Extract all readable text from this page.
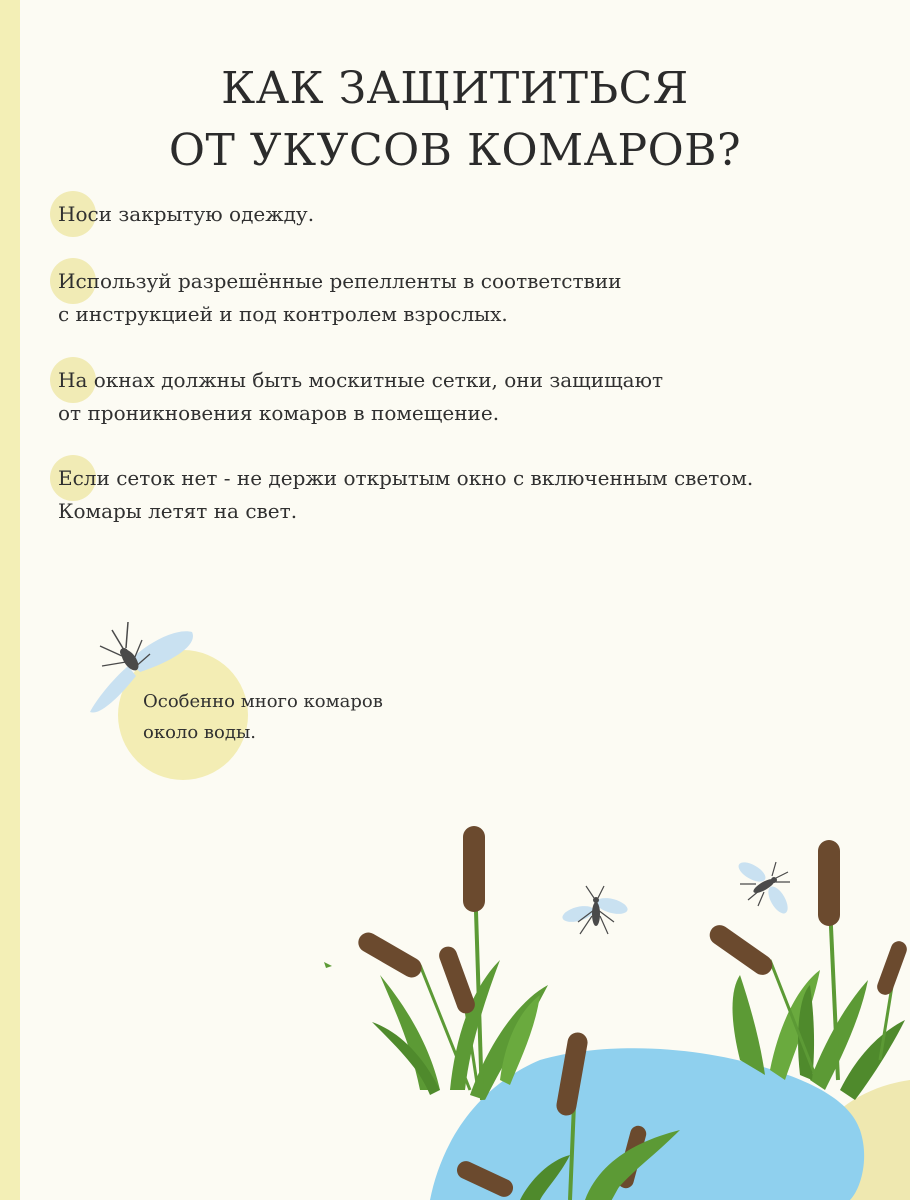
КАК ЗАЩИТИТЬСЯ
ОТ УКУСОВ КОМАРОВ?
Носи закрытую одежду.
Используй разрешённые репелленты в соответствии
с инструкцией и под контролем взрослых.
На окнах должны быть москитные сетки, они защищают
от проникновения комаров в помещение.
Если сеток нет - не держи открытым окно с включенным светом.
Комары летят на свет.
Особенно много комаров
около воды.
